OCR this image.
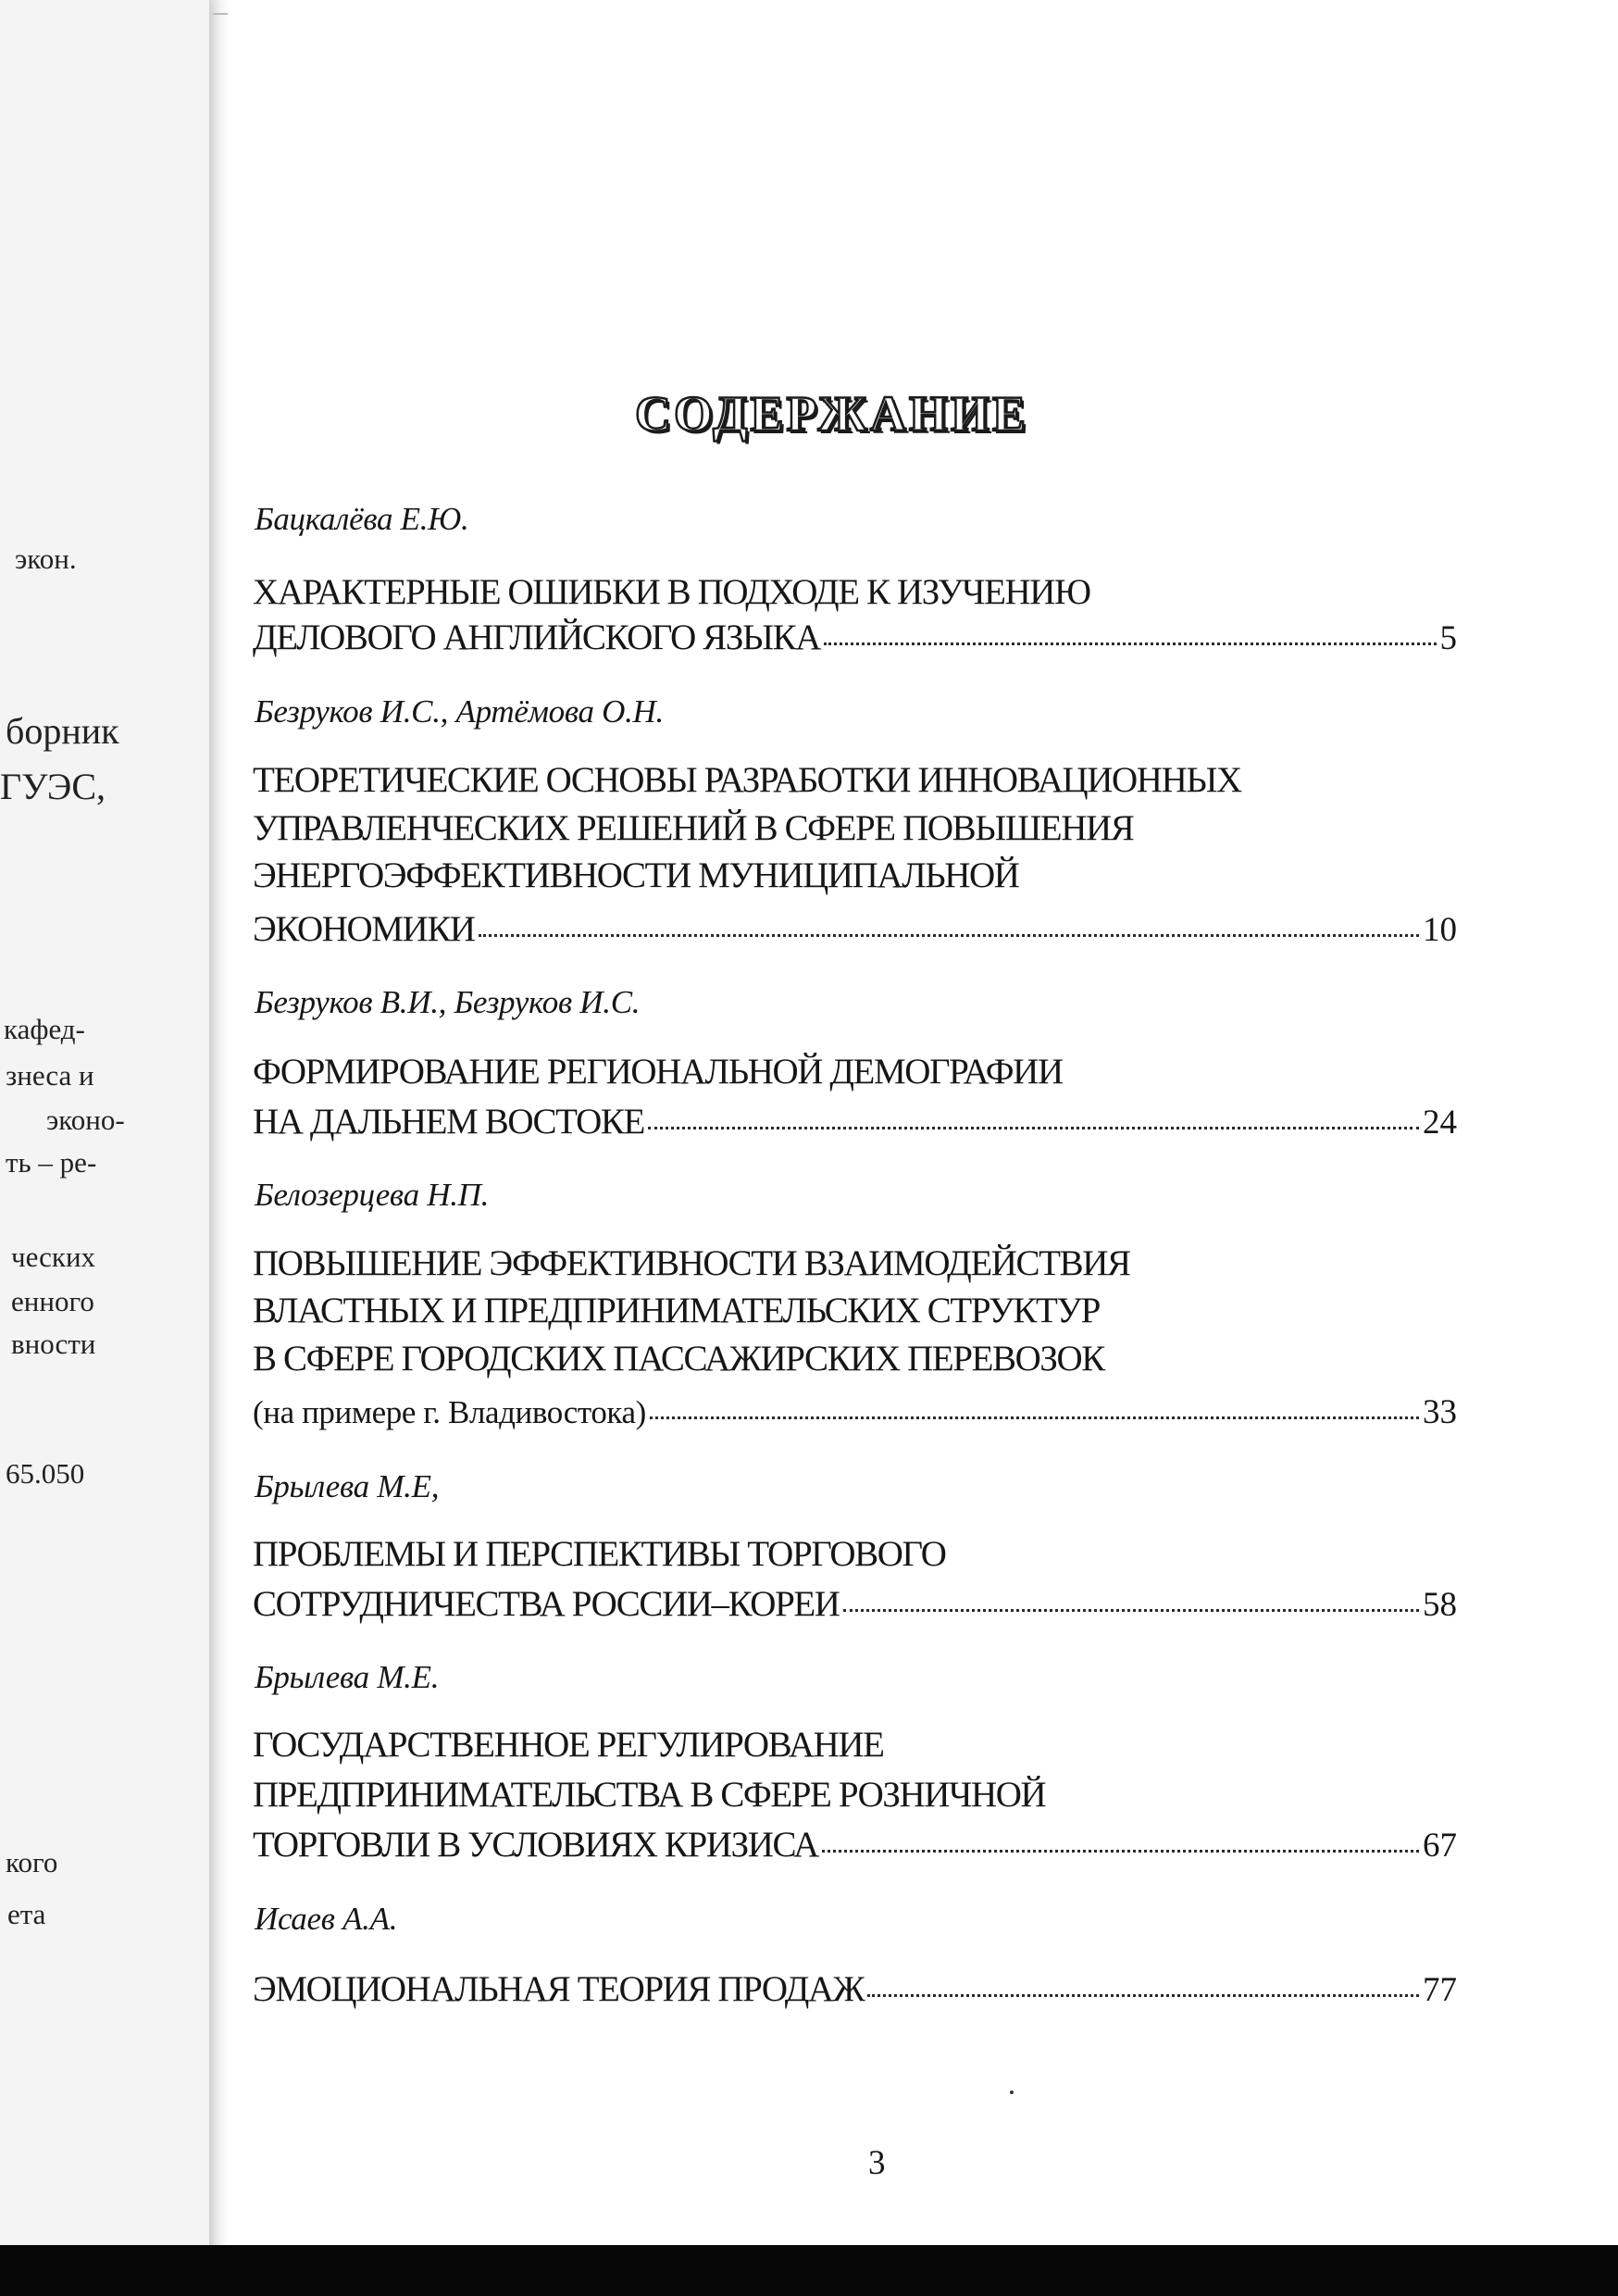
экон.
борник
ГУЭС,
кафед-
знеса и
эконо-
ть – ре-
ческих
енного
вности
65.050
кого
ета
СОДЕРЖАНИЕ
Бацкалёва Е.Ю.
ХАРАКТЕРНЫЕ ОШИБКИ В ПОДХОДЕ К ИЗУЧЕНИЮ
ДЕЛОВОГО АНГЛИЙСКОГО ЯЗЫКА	5
Безруков И.С., Артёмова О.Н.
ТЕОРЕТИЧЕСКИЕ ОСНОВЫ РАЗРАБОТКИ ИННОВАЦИОННЫХ
УПРАВЛЕНЧЕСКИХ РЕШЕНИЙ В СФЕРЕ ПОВЫШЕНИЯ
ЭНЕРГОЭФФЕКТИВНОСТИ МУНИЦИПАЛЬНОЙ
ЭКОНОМИКИ	10
Безруков В.И., Безруков И.С.
ФОРМИРОВАНИЕ РЕГИОНАЛЬНОЙ ДЕМОГРАФИИ
НА ДАЛЬНЕМ ВОСТОКЕ	24
Белозерцева Н.П.
ПОВЫШЕНИЕ ЭФФЕКТИВНОСТИ ВЗАИМОДЕЙСТВИЯ
ВЛАСТНЫХ И ПРЕДПРИНИМАТЕЛЬСКИХ СТРУКТУР
В СФЕРЕ ГОРОДСКИХ ПАССАЖИРСКИХ ПЕРЕВОЗОК
(на примере г. Владивостока)	33
Брылева М.Е,
ПРОБЛЕМЫ И ПЕРСПЕКТИВЫ ТОРГОВОГО
СОТРУДНИЧЕСТВА РОССИИ–КОРЕИ	58
Брылева М.Е.
ГОСУДАРСТВЕННОЕ РЕГУЛИРОВАНИЕ
ПРЕДПРИНИМАТЕЛЬСТВА В СФЕРЕ РОЗНИЧНОЙ
ТОРГОВЛИ В УСЛОВИЯХ КРИЗИСА	67
Исаев А.А.
ЭМОЦИОНАЛЬНАЯ ТЕОРИЯ ПРОДАЖ	77
3
